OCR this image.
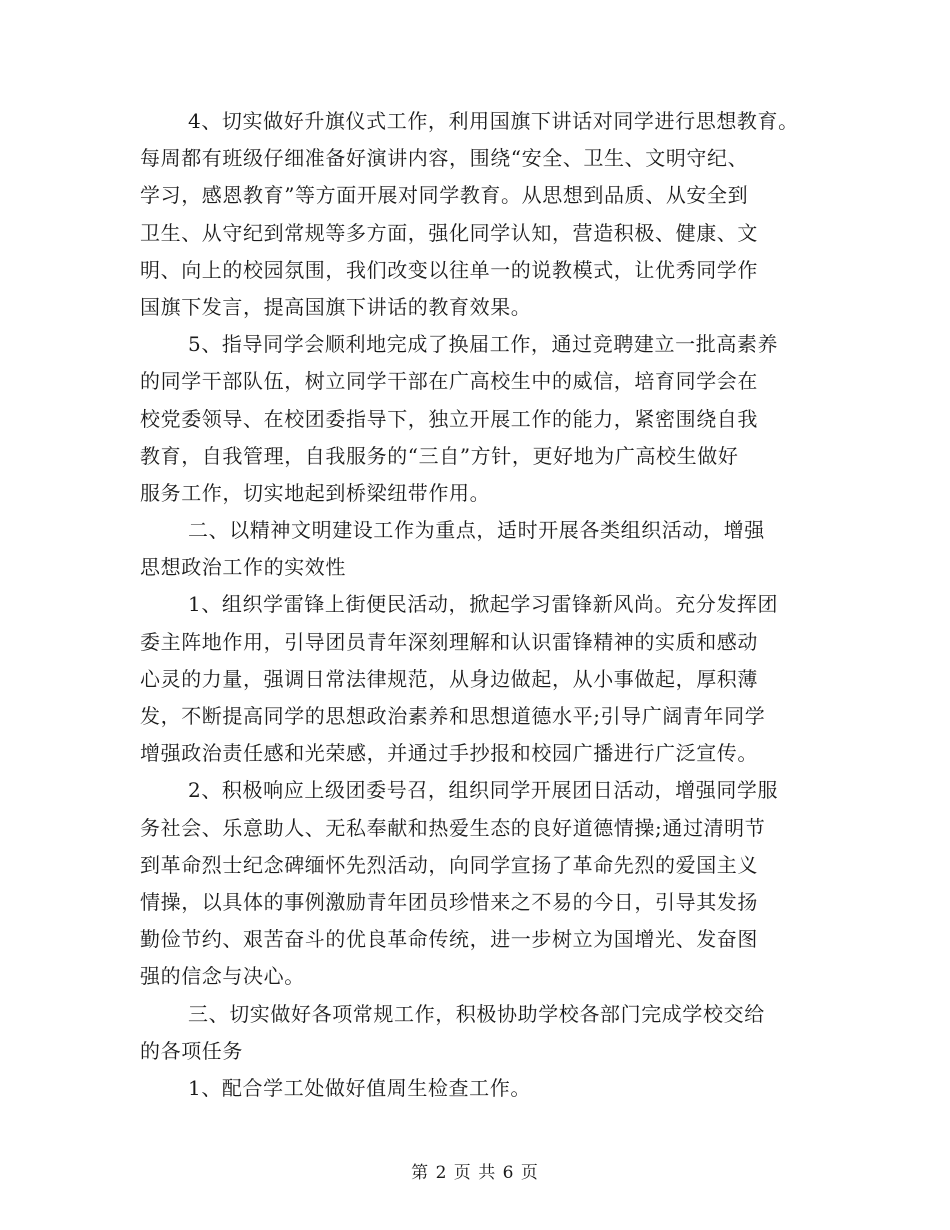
4、切实做好升旗仪式工作，利用国旗下讲话对同学进行思想教育。
每周都有班级仔细准备好演讲内容，围绕“安全、卫生、文明守纪、
学习，感恩教育”等方面开展对同学教育。从思想到品质、从安全到
卫生、从守纪到常规等多方面，强化同学认知，营造积极、健康、文
明、向上的校园氛围，我们改变以往单一的说教模式，让优秀同学作
国旗下发言，提高国旗下讲话的教育效果。
5、指导同学会顺利地完成了换届工作，通过竞聘建立一批高素养
的同学干部队伍，树立同学干部在广高校生中的威信，培育同学会在
校党委领导、在校团委指导下，独立开展工作的能力，紧密围绕自我
教育，自我管理，自我服务的“三自”方针，更好地为广高校生做好
服务工作，切实地起到桥梁纽带作用。
二、以精神文明建设工作为重点，适时开展各类组织活动，增强
思想政治工作的实效性
1、组织学雷锋上街便民活动，掀起学习雷锋新风尚。充分发挥团
委主阵地作用，引导团员青年深刻理解和认识雷锋精神的实质和感动
心灵的力量，强调日常法律规范，从身边做起，从小事做起，厚积薄
发，不断提高同学的思想政治素养和思想道德水平;引导广阔青年同学
增强政治责任感和光荣感，并通过手抄报和校园广播进行广泛宣传。
2、积极响应上级团委号召，组织同学开展团日活动，增强同学服
务社会、乐意助人、无私奉献和热爱生态的良好道德情操;通过清明节
到革命烈士纪念碑缅怀先烈活动，向同学宣扬了革命先烈的爱国主义
情操，以具体的事例激励青年团员珍惜来之不易的今日，引导其发扬
勤俭节约、艰苦奋斗的优良革命传统，进一步树立为国增光、发奋图
强的信念与决心。
三、切实做好各项常规工作，积极协助学校各部门完成学校交给
的各项任务
1、配合学工处做好值周生检查工作。
第 2 页 共 6 页
